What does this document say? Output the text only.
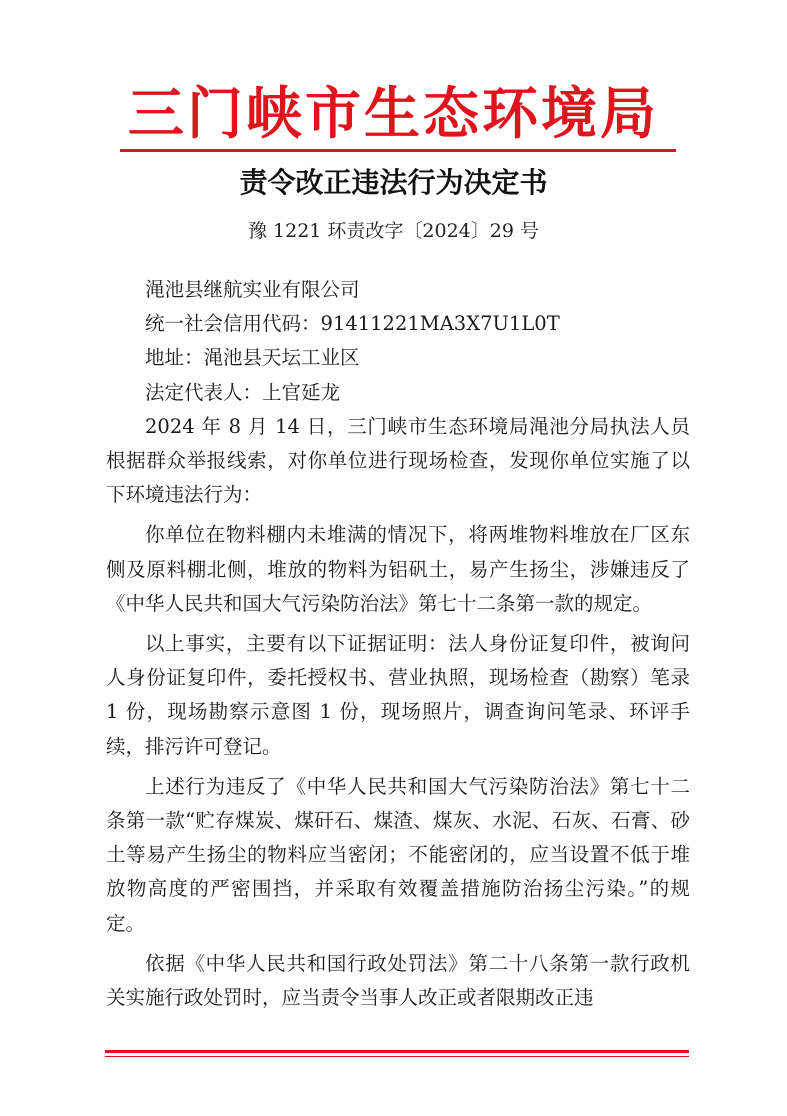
三门峡市生态环境局
责令改正违法行为决定书
豫 1221 环责改字〔2024〕29 号

渑池县继航实业有限公司

统一社会信用代码：91411221MA3X7U1L0T

地址：渑池县天坛工业区

法定代表人：上官延龙

2024 年 8 月 14 日，三门峡市生态环境局渑池分局执法人员根据群众举报线索，对你单位进行现场检查，发现你单位实施了以下环境违法行为：

你单位在物料棚内未堆满的情况下，将两堆物料堆放在厂区东侧及原料棚北侧，堆放的物料为铝矾土，易产生扬尘，涉嫌违反了《中华人民共和国大气污染防治法》第七十二条第一款的规定。

以上事实，主要有以下证据证明：法人身份证复印件，被询问人身份证复印件，委托授权书、营业执照，现场检查（勘察）笔录 1 份，现场勘察示意图 1 份，现场照片，调查询问笔录、环评手续，排污许可登记。

上述行为违反了《中华人民共和国大气污染防治法》第七十二条第一款“贮存煤炭、煤矸石、煤渣、煤灰、水泥、石灰、石膏、砂土等易产生扬尘的物料应当密闭；不能密闭的，应当设置不低于堆放物高度的严密围挡，并采取有效覆盖措施防治扬尘污染。”的规定。

依据《中华人民共和国行政处罚法》第二十八条第一款行政机关实施行政处罚时，应当责令当事人改正或者限期改正违
